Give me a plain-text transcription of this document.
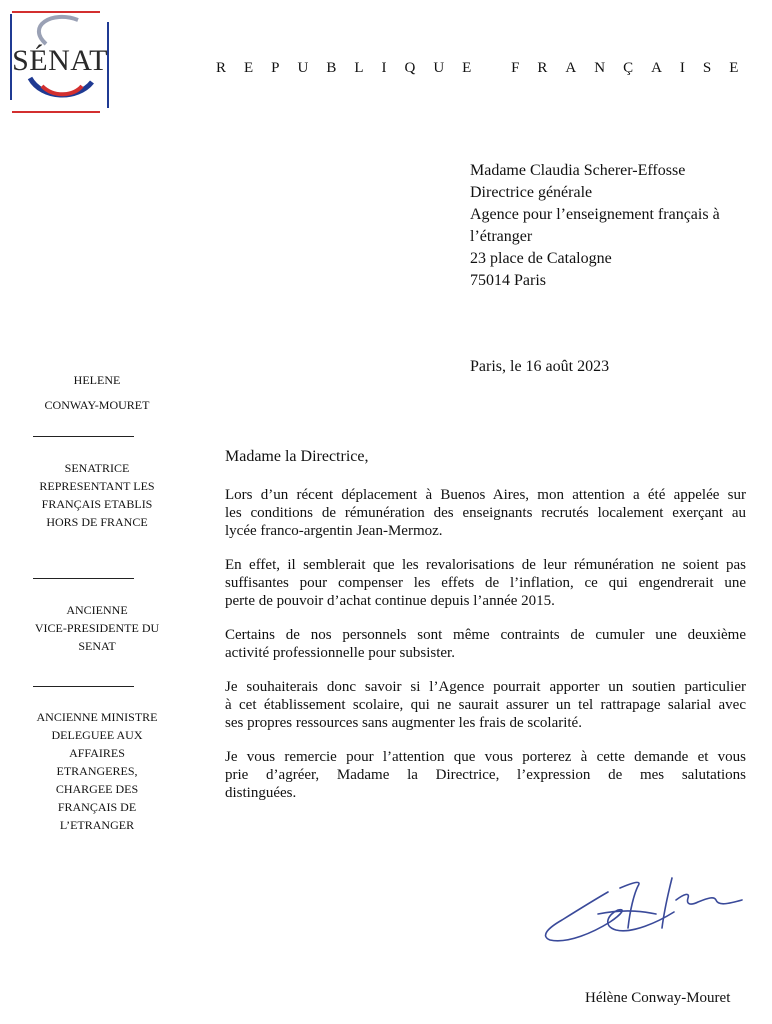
SÉNAT	REPUBLIQUE FRANÇAISE
Madame Claudia Scherer-Effosse
Directrice générale
Agence pour l’enseignement français à
l’étranger
23 place de Catalogne
75014 Paris
Paris, le 16 août 2023
HELENE
CONWAY-MOURET
SENATRICE
REPRESENTANT LES
FRANÇAIS ETABLIS
HORS DE FRANCE
ANCIENNE
VICE-PRESIDENTE DU
SENAT
ANCIENNE MINISTRE
DELEGUEE AUX
AFFAIRES
ETRANGERES,
CHARGEE DES
FRANÇAIS DE
L’ETRANGER

Madame la Directrice,

Lors d’un récent déplacement à Buenos Aires, mon attention a été appelée sur
les conditions de rémunération des enseignants recrutés localement exerçant au
lycée franco-argentin Jean-Mermoz.

En effet, il semblerait que les revalorisations de leur rémunération ne soient pas
suffisantes pour compenser les effets de l’inflation, ce qui engendrerait une
perte de pouvoir d’achat continue depuis l’année 2015.

Certains de nos personnels sont même contraints de cumuler une deuxième
activité professionnelle pour subsister.

Je souhaiterais donc savoir si l’Agence pourrait apporter un soutien particulier
à cet établissement scolaire, qui ne saurait assurer un tel rattrapage salarial avec
ses propres ressources sans augmenter les frais de scolarité.

Je vous remercie pour l’attention que vous porterez à cette demande et vous
prie d’agréer, Madame la Directrice, l’expression de mes salutations
distinguées.

Hélène Conway-Mouret
